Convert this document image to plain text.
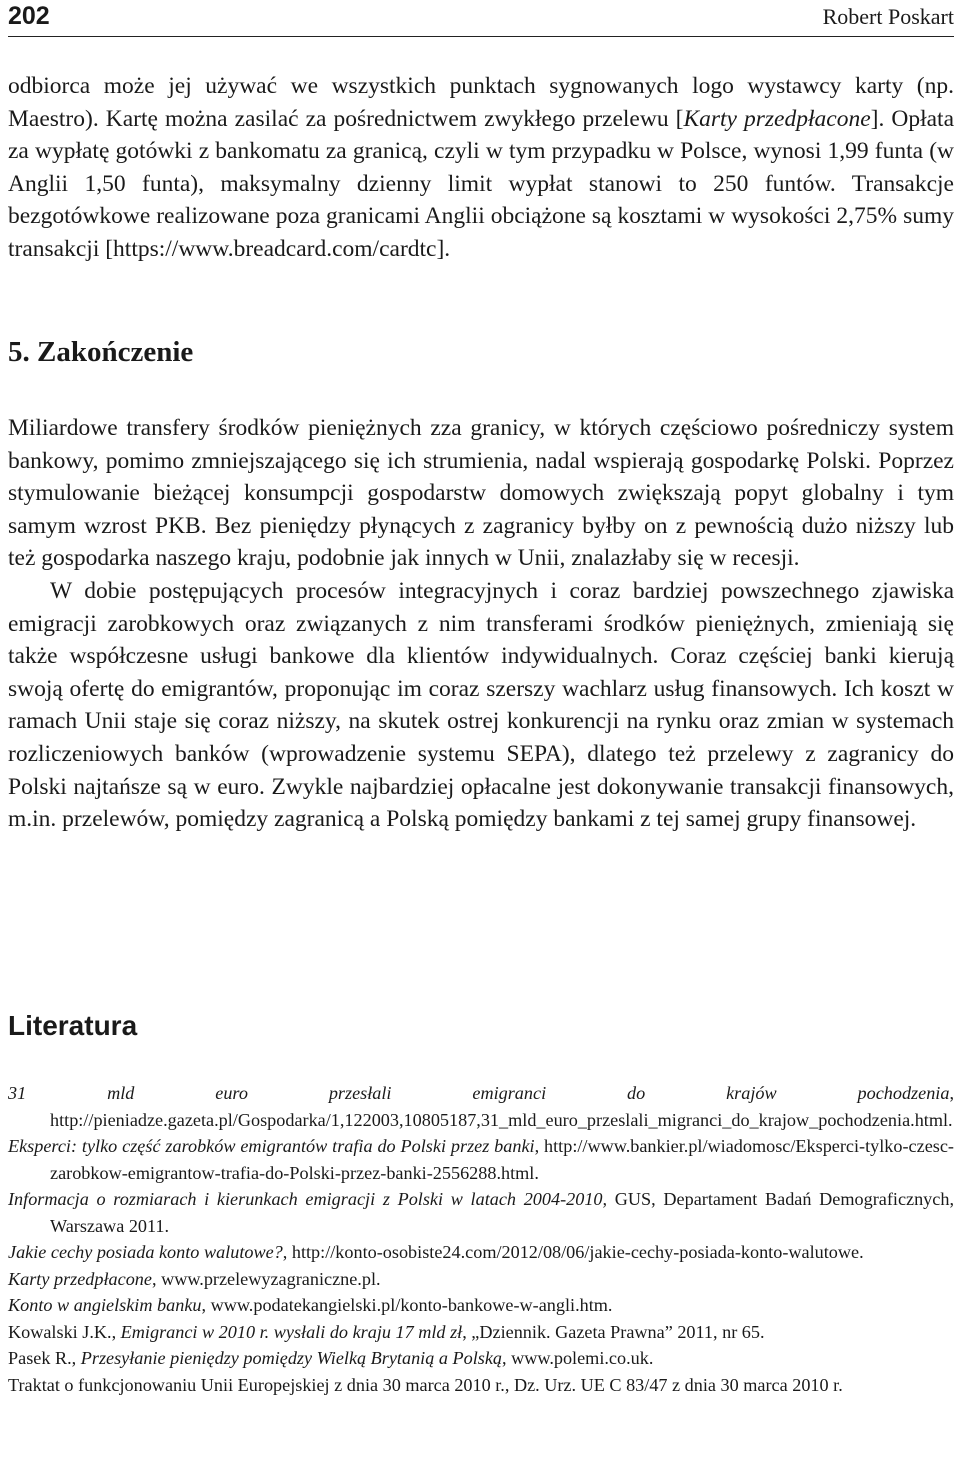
202	Robert Poskart

odbiorca może jej używać we wszystkich punktach sygnowanych logo wystawcy karty (np. Maestro). Kartę można zasilać za pośrednictwem zwykłego przelewu [Karty przedpłacone]. Opłata za wypłatę gotówki z bankomatu za granicą, czyli w tym przypadku w Polsce, wynosi 1,99 funta (w Anglii 1,50 funta), maksymalny dzienny limit wypłat stanowi to 250 funtów. Transakcje bezgotówkowe realizowane poza granicami Anglii obciążone są kosztami w wysokości 2,75% sumy transakcji [https://www.breadcard.com/cardtc].

5. Zakończenie

Miliardowe transfery środków pieniężnych zza granicy, w których częściowo pośredniczy system bankowy, pomimo zmniejszającego się ich strumienia, nadal wspierają gospodarkę Polski. Poprzez stymulowanie bieżącej konsumpcji gospodarstw domowych zwiększają popyt globalny i tym samym wzrost PKB. Bez pieniędzy płynących z zagranicy byłby on z pewnością dużo niższy lub też gospodarka naszego kraju, podobnie jak innych w Unii, znalazłaby się w recesji.

W dobie postępujących procesów integracyjnych i coraz bardziej powszechnego zjawiska emigracji zarobkowych oraz związanych z nim transferami środków pieniężnych, zmieniają się także współczesne usługi bankowe dla klientów indywidualnych. Coraz częściej banki kierują swoją ofertę do emigrantów, proponując im coraz szerszy wachlarz usług finansowych. Ich koszt w ramach Unii staje się coraz niższy, na skutek ostrej konkurencji na rynku oraz zmian w systemach rozliczeniowych banków (wprowadzenie systemu SEPA), dlatego też przelewy z zagranicy do Polski najtańsze są w euro. Zwykle najbardziej opłacalne jest dokonywanie transakcji finansowych, m.in. przelewów, pomiędzy zagranicą a Polską pomiędzy bankami z tej samej grupy finansowej.

Literatura
31 mld euro przesłali emigranci do krajów pochodzenia, http://pieniadze.gazeta.pl/Gospodarka/1,122003,10805187,31_mld_euro_przeslali_migranci_do_krajow_pochodzenia.html.
Eksperci: tylko część zarobków emigrantów trafia do Polski przez banki, http://www.bankier.pl/wiadomosc/Eksperci-tylko-czesc-zarobkow-emigrantow-trafia-do-Polski-przez-banki-2556288.html.
Informacja o rozmiarach i kierunkach emigracji z Polski w latach 2004-2010, GUS, Departament Badań Demograficznych, Warszawa 2011.
Jakie cechy posiada konto walutowe?, http://konto-osobiste24.com/2012/08/06/jakie-cechy-posiada-konto-walutowe.
Karty przedpłacone, www.przelewyzagraniczne.pl.
Konto w angielskim banku, www.podatekangielski.pl/konto-bankowe-w-angli.htm.
Kowalski J.K., Emigranci w 2010 r. wysłali do kraju 17 mld zł, „Dziennik. Gazeta Prawna” 2011, nr 65.
Pasek R., Przesyłanie pieniędzy pomiędzy Wielką Brytanią a Polską, www.polemi.co.uk.
Traktat o funkcjonowaniu Unii Europejskiej z dnia 30 marca 2010 r., Dz. Urz. UE C 83/47 z dnia 30 marca 2010 r.
